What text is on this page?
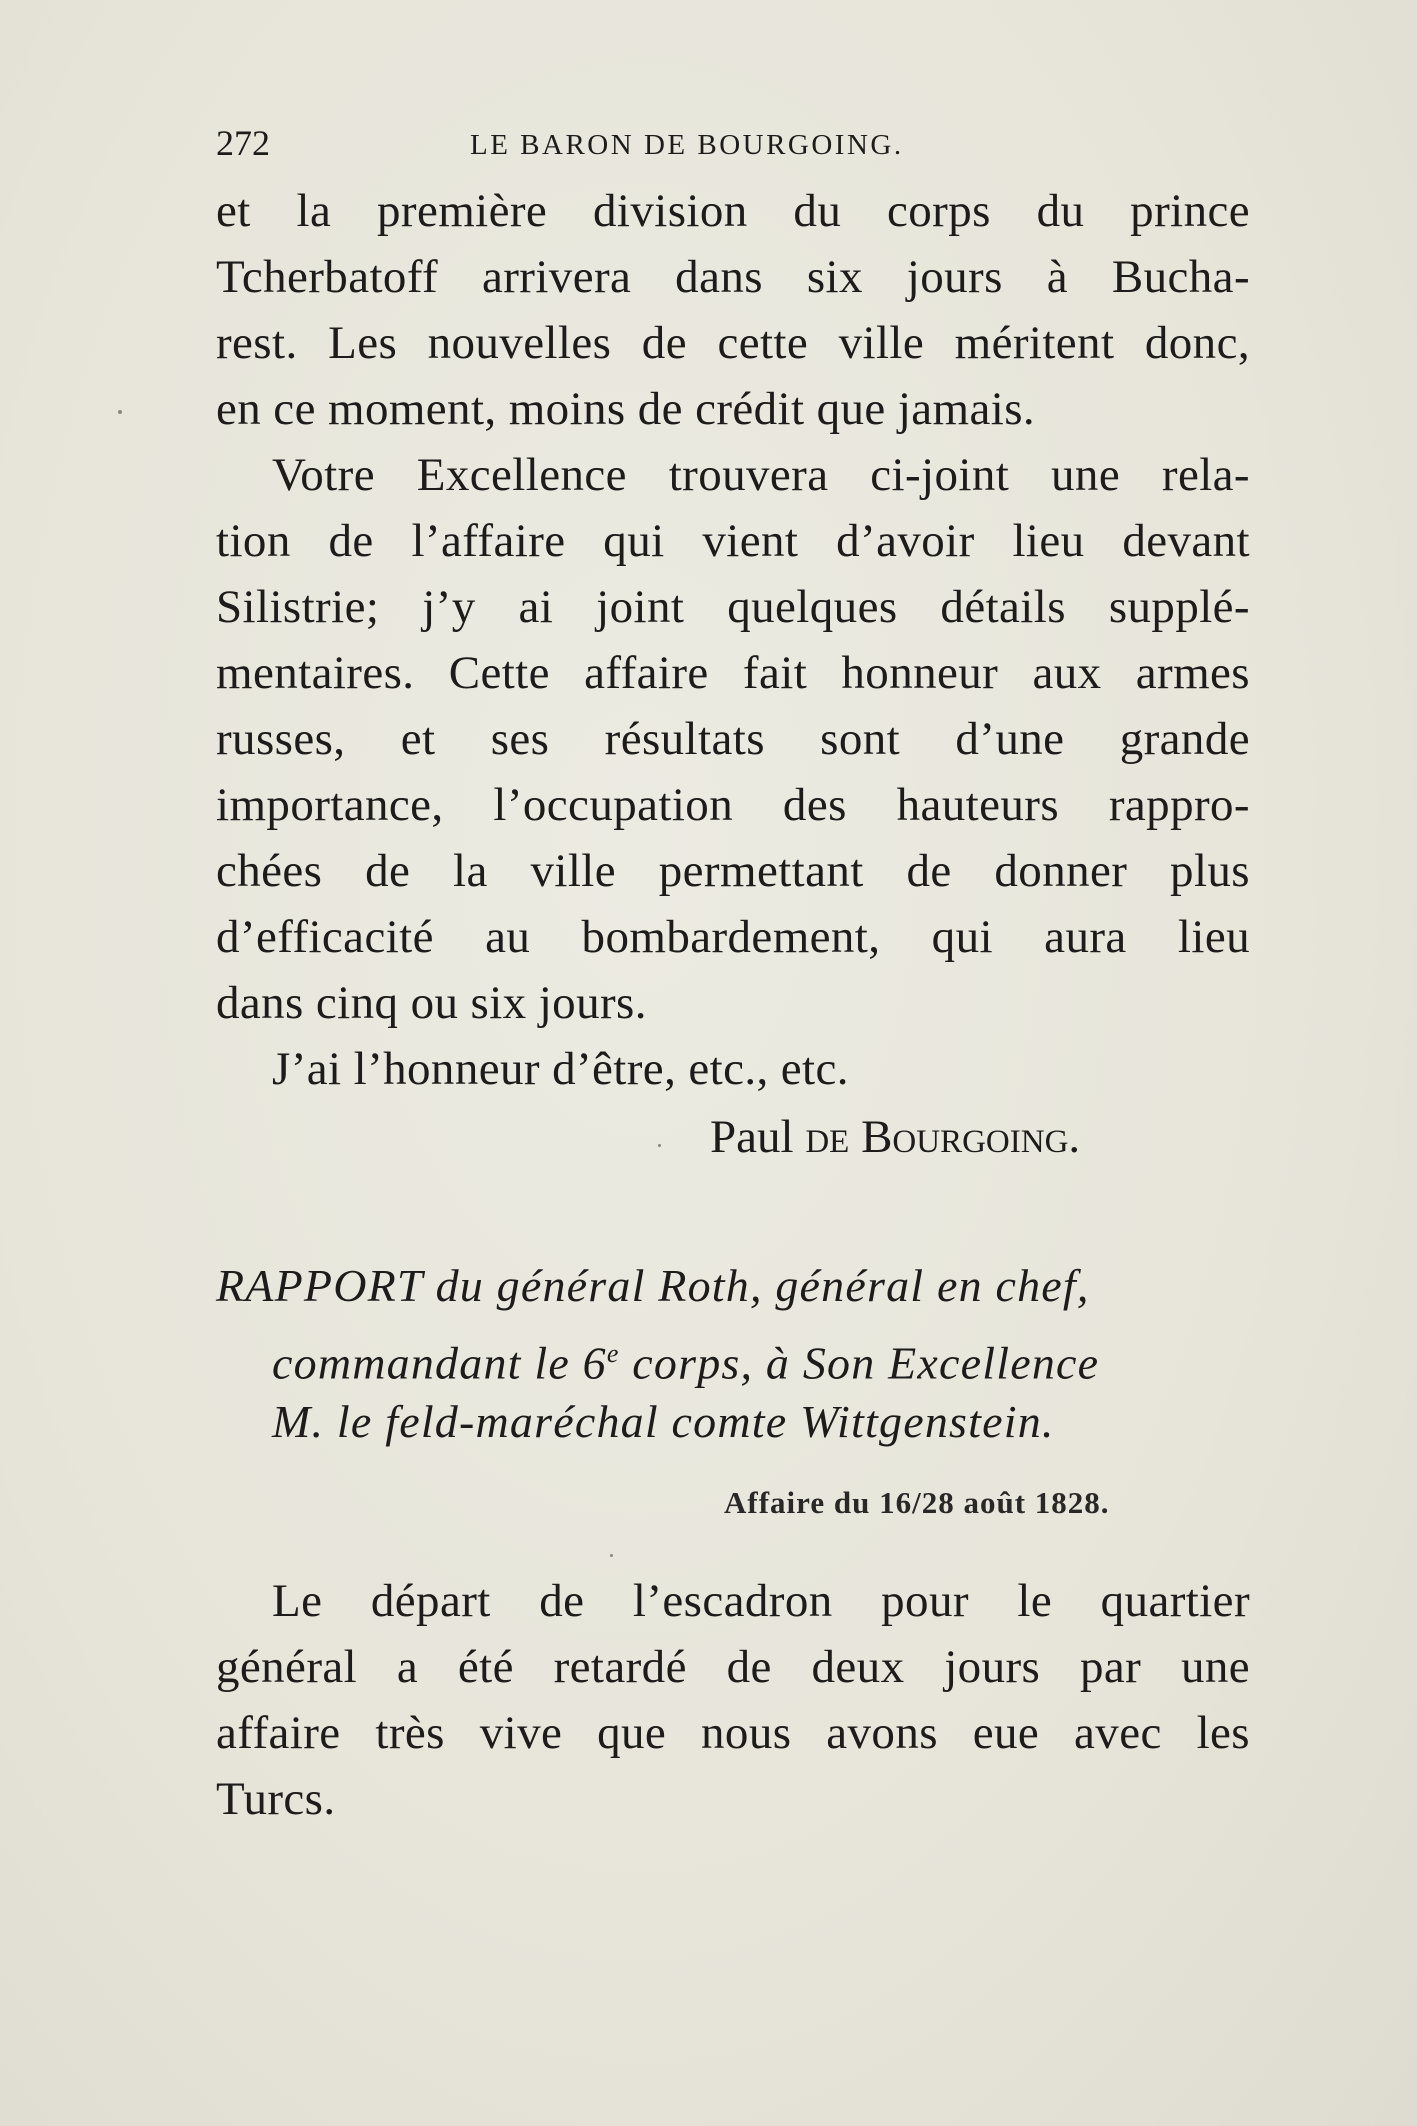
272	LE BARON DE BOURGOING.
et la première division du corps du prince
Tcherbatoff arrivera dans six jours à Bucha-
rest. Les nouvelles de cette ville méritent donc,
en ce moment, moins de crédit que jamais.
Votre Excellence trouvera ci-joint une rela-
tion de l’affaire qui vient d’avoir lieu devant
Silistrie; j’y ai joint quelques détails supplé-
mentaires. Cette affaire fait honneur aux armes
russes, et ses résultats sont d’une grande
importance, l’occupation des hauteurs rappro-
chées de la ville permettant de donner plus
d’efficacité au bombardement, qui aura lieu
dans cinq ou six jours.
J’ai l’honneur d’être, etc., etc.
Paul de Bourgoing.
RAPPORT du général Roth, général en chef,
commandant le 6e corps, à Son Excellence
M. le feld-maréchal comte Wittgenstein.
Affaire du 16/28 août 1828.
Le départ de l’escadron pour le quartier
général a été retardé de deux jours par une
affaire très vive que nous avons eue avec les
Turcs.
